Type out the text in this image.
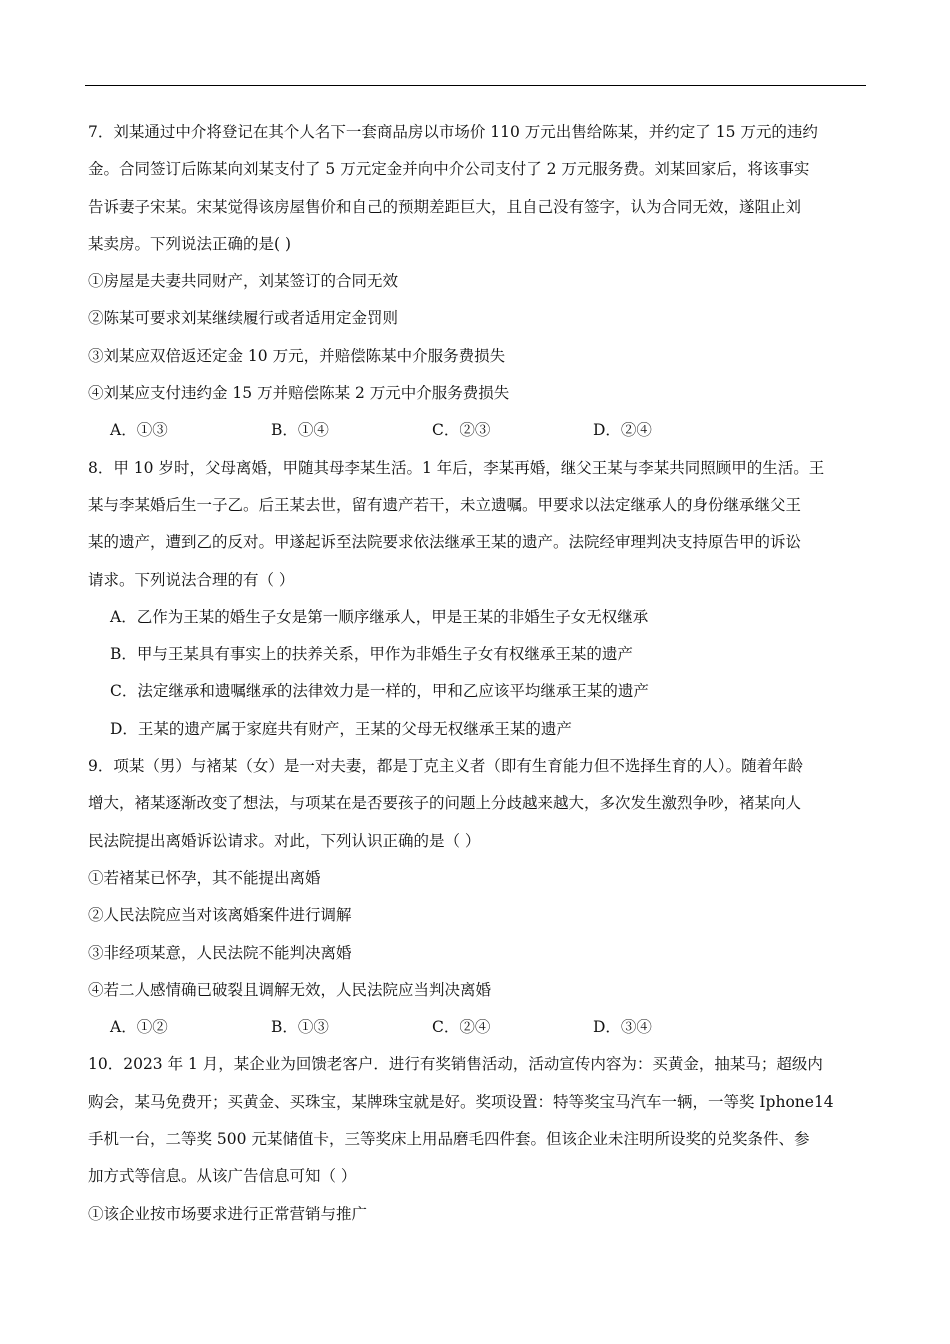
7．刘某通过中介将登记在其个人名下一套商品房以市场价 110 万元出售给陈某，并约定了 15 万元的违约
金。合同签订后陈某向刘某支付了 5 万元定金并向中介公司支付了 2 万元服务费。刘某回家后，将该事实
告诉妻子宋某。宋某觉得该房屋售价和自己的预期差距巨大，且自己没有签字，认为合同无效，遂阻止刘
某卖房。下列说法正确的是( )
①房屋是夫妻共同财产，刘某签订的合同无效
②陈某可要求刘某继续履行或者适用定金罚则
③刘某应双倍返还定金 10 万元，并赔偿陈某中介服务费损失
④刘某应支付违约金 15 万并赔偿陈某 2 万元中介服务费损失
A．①③	B．①④	C．②③	D．②④
8．甲 10 岁时，父母离婚，甲随其母李某生活。1 年后，李某再婚，继父王某与李某共同照顾甲的生活。王
某与李某婚后生一子乙。后王某去世，留有遗产若干，未立遗嘱。甲要求以法定继承人的身份继承继父王
某的遗产，遭到乙的反对。甲遂起诉至法院要求依法继承王某的遗产。法院经审理判决支持原告甲的诉讼
请求。下列说法合理的有（ ）
A．乙作为王某的婚生子女是第一顺序继承人，甲是王某的非婚生子女无权继承
B．甲与王某具有事实上的扶养关系，甲作为非婚生子女有权继承王某的遗产
C．法定继承和遗嘱继承的法律效力是一样的，甲和乙应该平均继承王某的遗产
D．王某的遗产属于家庭共有财产，王某的父母无权继承王某的遗产
9．项某（男）与褚某（女）是一对夫妻，都是丁克主义者（即有生育能力但不选择生育的人）。随着年龄
增大，褚某逐渐改变了想法，与项某在是否要孩子的问题上分歧越来越大，多次发生激烈争吵，褚某向人
民法院提出离婚诉讼请求。对此，下列认识正确的是（ ）
①若褚某已怀孕，其不能提出离婚
②人民法院应当对该离婚案件进行调解
③非经项某意，人民法院不能判决离婚
④若二人感情确已破裂且调解无效，人民法院应当判决离婚
A．①②	B．①③	C．②④	D．③④
10．2023 年 1 月，某企业为回馈老客户．进行有奖销售活动，活动宣传内容为：买黄金，抽某马；超级内
购会，某马免费开；买黄金、买珠宝，某牌珠宝就是好。奖项设置：特等奖宝马汽车一辆，一等奖 Iphone14
手机一台，二等奖 500 元某储值卡，三等奖床上用品磨毛四件套。但该企业未注明所设奖的兑奖条件、参
加方式等信息。从该广告信息可知（ ）
①该企业按市场要求进行正常营销与推广
